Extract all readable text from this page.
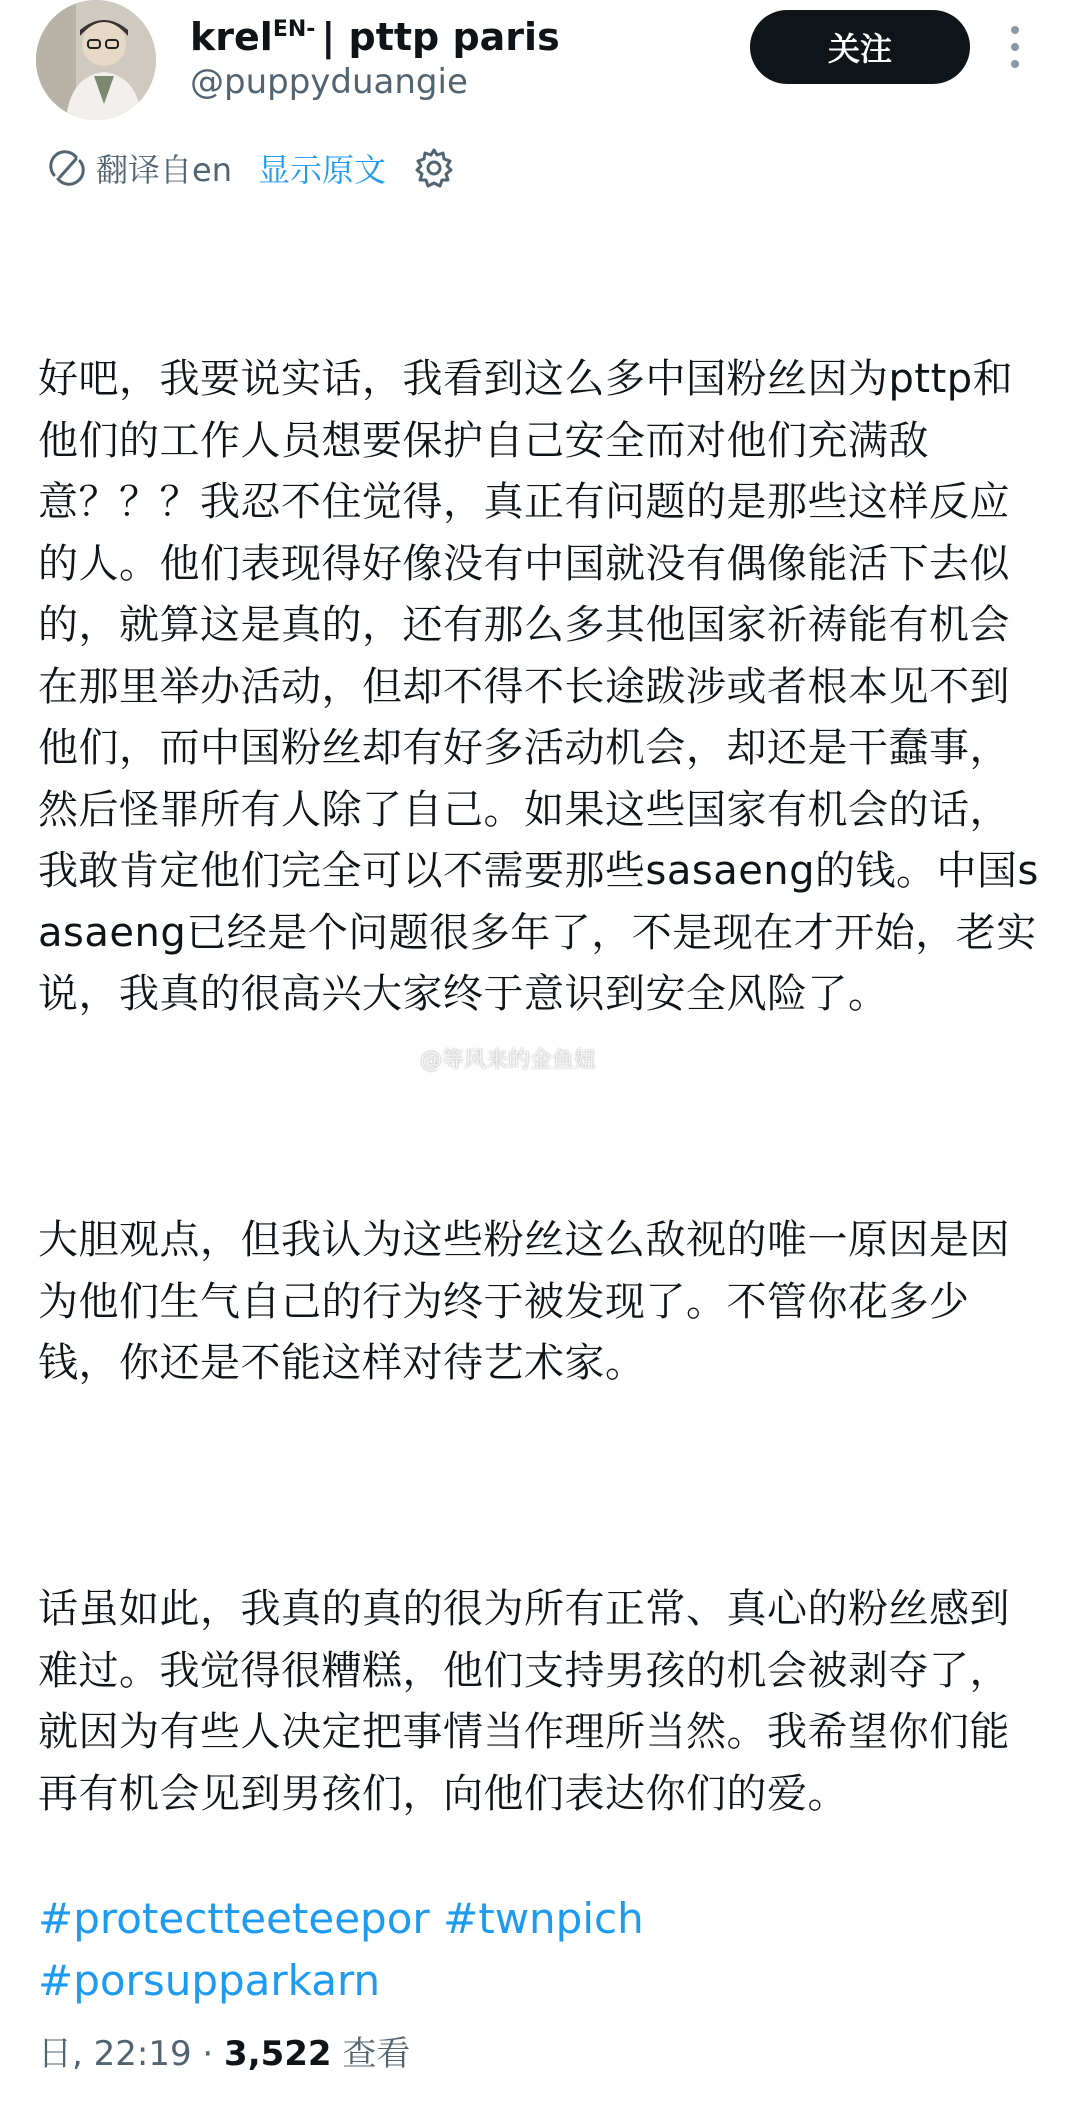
krel$^{EN-}$ | pttp paris
@puppyduangie
关注
翻译自en 显示原文

好吧，我要说实话，我看到这么多中国粉丝因为pttp和他们的工作人员想要保护自己安全而对他们充满敌意？？？我忍不住觉得，真正有问题的是那些这样反应的人。他们表现得好像没有中国就没有偶像能活下去似的，就算这是真的，还有那么多其他国家祈祷能有机会在那里举办活动，但却不得不长途跋涉或者根本见不到他们，而中国粉丝却有好多活动机会，却还是干蠢事，然后怪罪所有人除了自己。如果这些国家有机会的话，我敢肯定他们完全可以不需要那些sasaeng的钱。中国sasaeng已经是个问题很多年了，不是现在才开始，老实说，我真的很高兴大家终于意识到安全风险了。

大胆观点，但我认为这些粉丝这么敌视的唯一原因是因为他们生气自己的行为终于被发现了。不管你花多少钱，你还是不能这样对待艺术家。

话虽如此，我真的真的很为所有正常、真心的粉丝感到难过。我觉得很糟糕，他们支持男孩的机会被剥夺了，就因为有些人决定把事情当作理所当然。我希望你们能再有机会见到男孩们，向他们表达你们的爱。

@等风来的金鱼妞
#protectteeteepor #twnpich
#porsupparkarn
日, 22:19 · 3,522 查看
